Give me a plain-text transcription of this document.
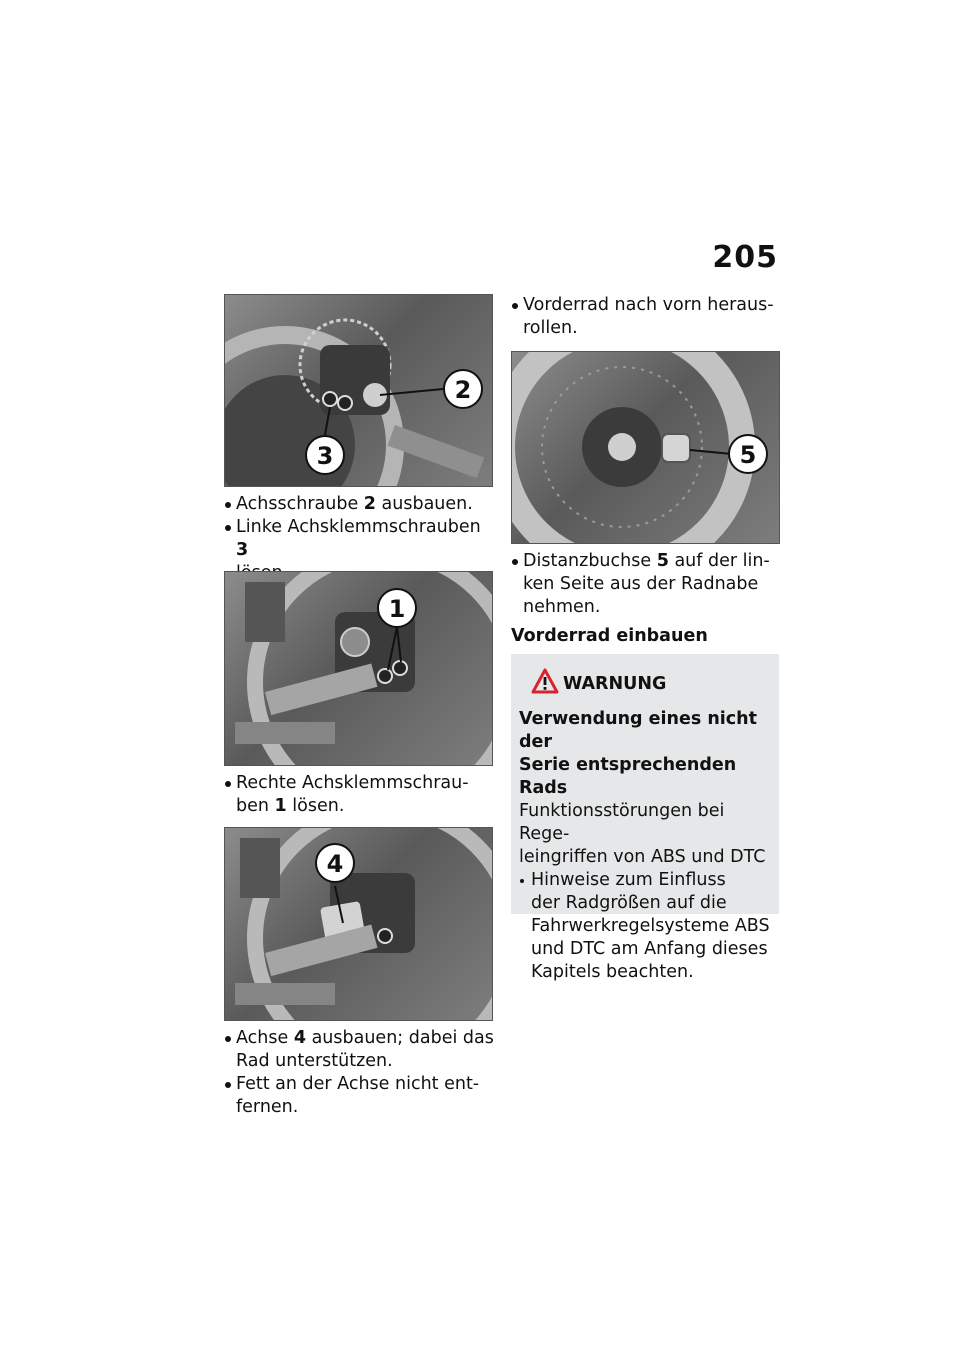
205
2
3
Achsschraube 2 ausbauen.
Linke Achsklemmschrauben 3
1
Rechte Achsklemmschrau-
ben 1 lösen.
4
Achse 4 ausbauen; dabei das
Rad unterstützen.
Fett an der Achse nicht ent-
fernen.
Vorderrad nach vorn heraus-
rollen.
5
Distanzbuchse 5 auf der lin-
ken Seite aus der Radnabe
nehmen.
Vorderrad einbauen
WARNUNG
Verwendung eines nicht der
Serie entsprechenden Rads
Funktionsstörungen bei Rege-
leingriffen von ABS und DTC
Hinweise zum Einfluss
der Radgrößen auf die
Fahrwerkregelsysteme ABS
und DTC am Anfang dieses
Kapitels beachten.
